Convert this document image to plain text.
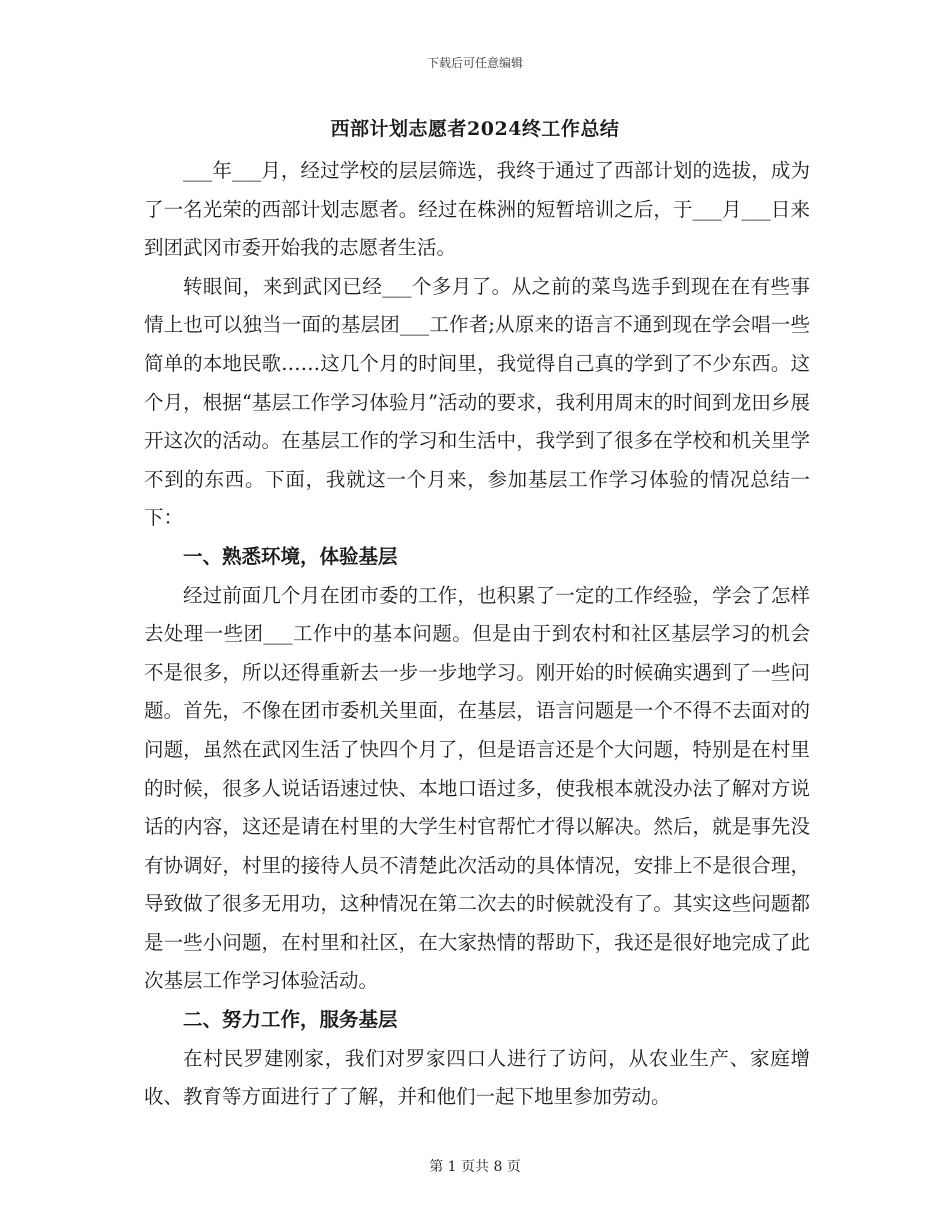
下载后可任意编辑
西部计划志愿者2024终工作总结

___年___月，经过学校的层层筛选，我终于通过了西部计划的选拔，成为了一名光荣的西部计划志愿者。经过在株洲的短暂培训之后，于___月___日来到团武冈市委开始我的志愿者生活。

转眼间，来到武冈已经___个多月了。从之前的菜鸟选手到现在在有些事情上也可以独当一面的基层团___工作者;从原来的语言不通到现在学会唱一些简单的本地民歌……这几个月的时间里，我觉得自己真的学到了不少东西。这个月，根据“基层工作学习体验月”活动的要求，我利用周末的时间到龙田乡展开这次的活动。在基层工作的学习和生活中，我学到了很多在学校和机关里学不到的东西。下面，我就这一个月来，参加基层工作学习体验的情况总结一下：

一、熟悉环境，体验基层

经过前面几个月在团市委的工作，也积累了一定的工作经验，学会了怎样去处理一些团___工作中的基本问题。但是由于到农村和社区基层学习的机会不是很多，所以还得重新去一步一步地学习。刚开始的时候确实遇到了一些问题。首先，不像在团市委机关里面，在基层，语言问题是一个不得不去面对的问题，虽然在武冈生活了快四个月了，但是语言还是个大问题，特别是在村里的时候，很多人说话语速过快、本地口语过多，使我根本就没办法了解对方说话的内容，这还是请在村里的大学生村官帮忙才得以解决。然后，就是事先没有协调好，村里的接待人员不清楚此次活动的具体情况，安排上不是很合理，导致做了很多无用功，这种情况在第二次去的时候就没有了。其实这些问题都是一些小问题，在村里和社区，在大家热情的帮助下，我还是很好地完成了此次基层工作学习体验活动。

二、努力工作，服务基层

在村民罗建刚家，我们对罗家四口人进行了访问，从农业生产、家庭增收、教育等方面进行了了解，并和他们一起下地里参加劳动。

第 1 页共 8 页
